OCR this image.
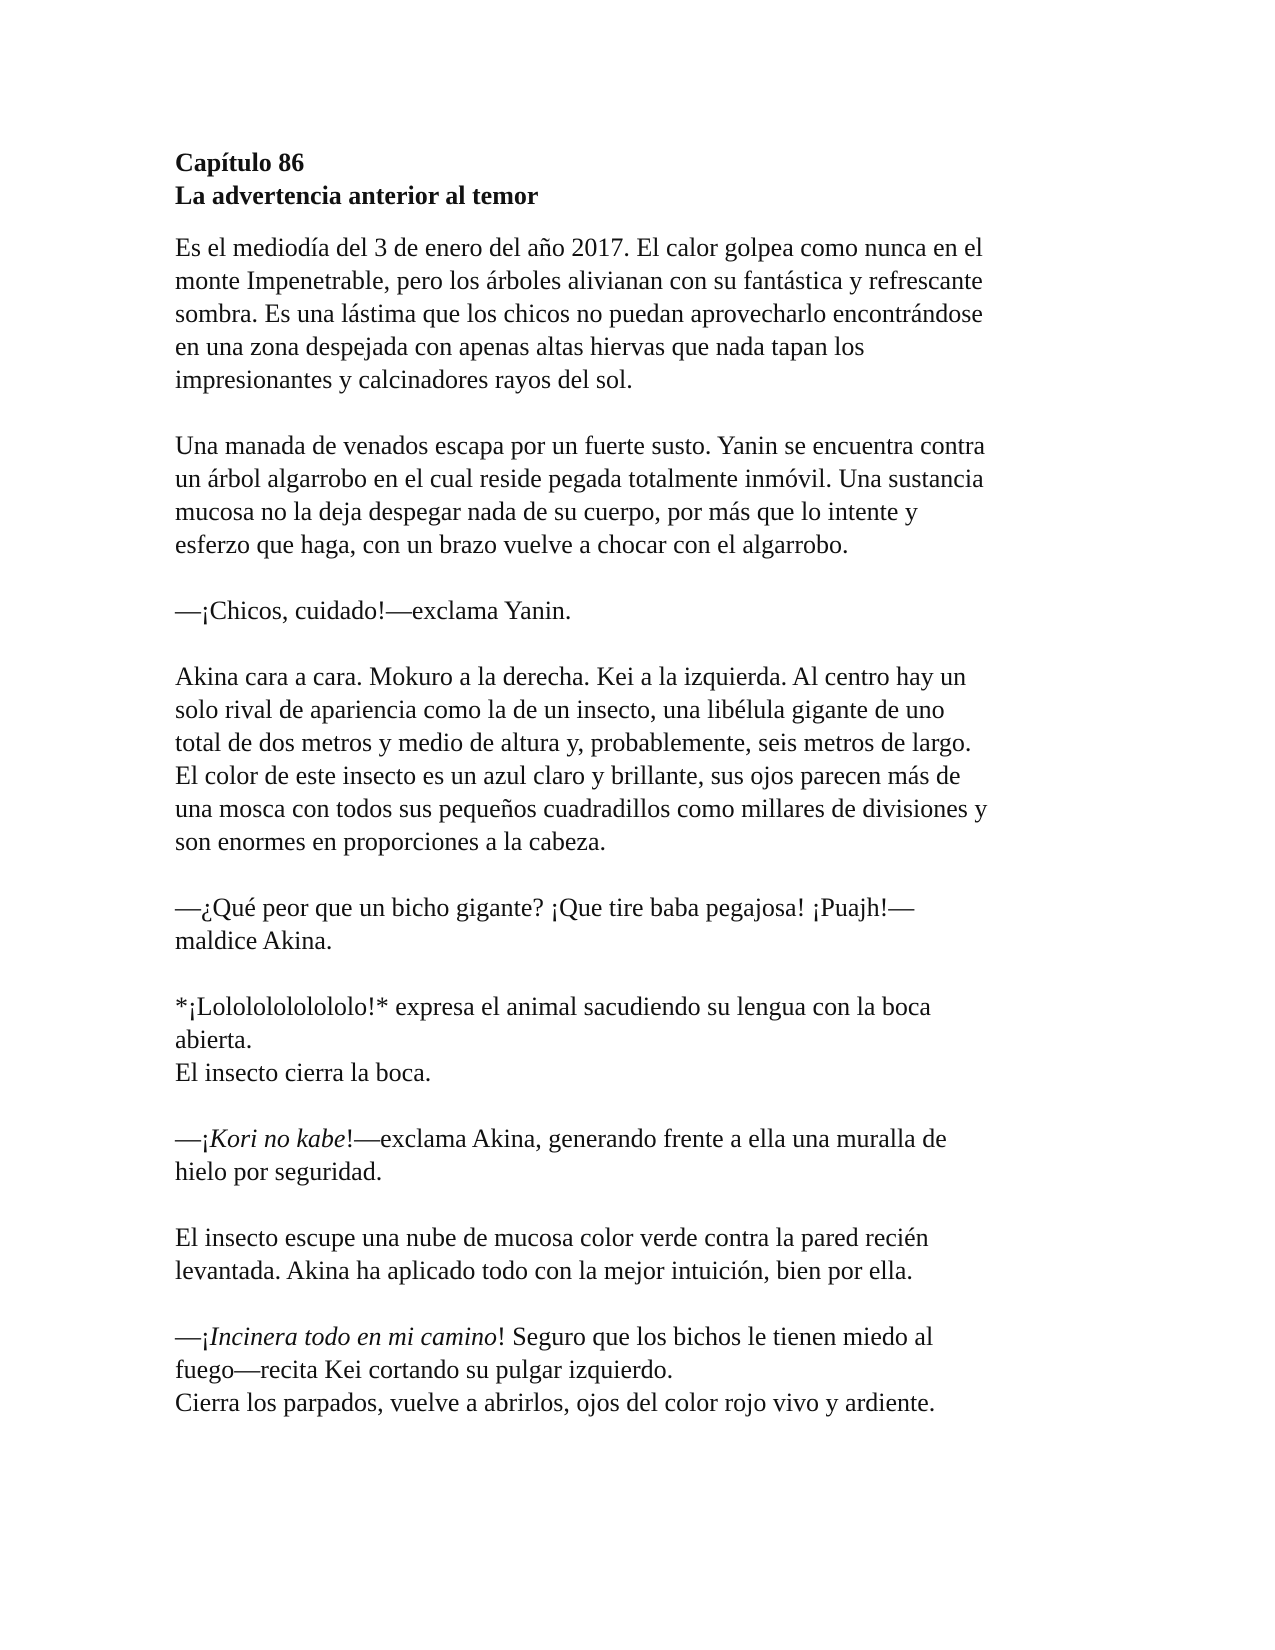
Capítulo 86
La advertencia anterior al temor
Es el mediodía del 3 de enero del año 2017. El calor golpea como nunca en el
monte Impenetrable, pero los árboles alivianan con su fantástica y refrescante
sombra. Es una lástima que los chicos no puedan aprovecharlo encontrándose
en una zona despejada con apenas altas hiervas que nada tapan los
impresionantes y calcinadores rayos del sol.
Una manada de venados escapa por un fuerte susto. Yanin se encuentra contra
un árbol algarrobo en el cual reside pegada totalmente inmóvil. Una sustancia
mucosa no la deja despegar nada de su cuerpo, por más que lo intente y
esferzo que haga, con un brazo vuelve a chocar con el algarrobo.
—¡Chicos, cuidado!—exclama Yanin.
Akina cara a cara. Mokuro a la derecha. Kei a la izquierda. Al centro hay un
solo rival de apariencia como la de un insecto, una libélula gigante de uno
total de dos metros y medio de altura y, probablemente, seis metros de largo.
El color de este insecto es un azul claro y brillante, sus ojos parecen más de
una mosca con todos sus pequeños cuadradillos como millares de divisiones y
son enormes en proporciones a la cabeza.
—¿Qué peor que un bicho gigante? ¡Que tire baba pegajosa! ¡Puajh!—
maldice Akina.
*¡Lolololololololo!* expresa el animal sacudiendo su lengua con la boca
abierta.
El insecto cierra la boca.
—¡Kori no kabe!—exclama Akina, generando frente a ella una muralla de
hielo por seguridad.
El insecto escupe una nube de mucosa color verde contra la pared recién
levantada. Akina ha aplicado todo con la mejor intuición, bien por ella.
—¡Incinera todo en mi camino! Seguro que los bichos le tienen miedo al
fuego—recita Kei cortando su pulgar izquierdo.
Cierra los parpados, vuelve a abrirlos, ojos del color rojo vivo y ardiente.
